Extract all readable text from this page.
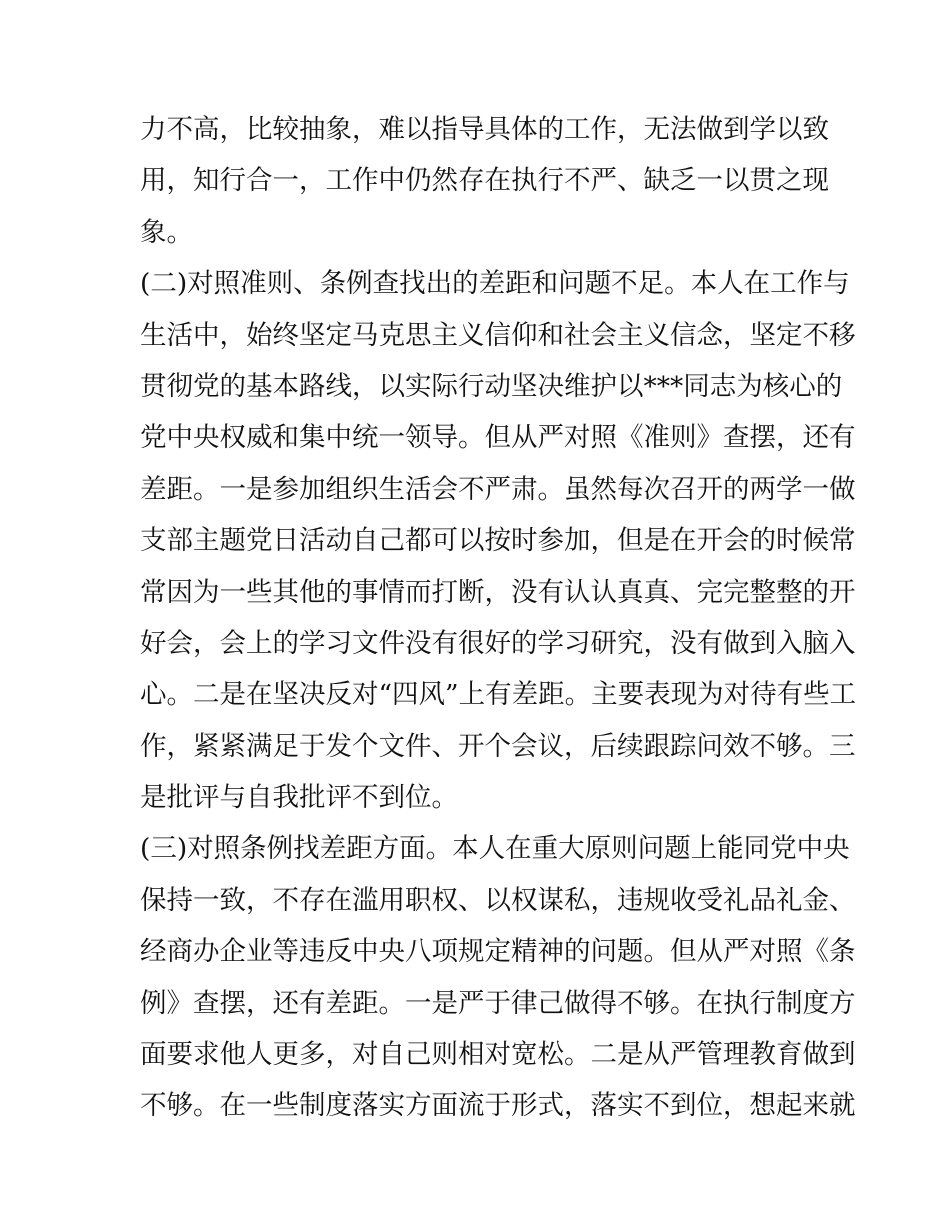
力不高，比较抽象，难以指导具体的工作，无法做到学以致
用，知行合一，工作中仍然存在执行不严、缺乏一以贯之现
象。
(二)对照准则、条例查找出的差距和问题不足。本人在工作与
生活中，始终坚定马克思主义信仰和社会主义信念，坚定不移
贯彻党的基本路线，以实际行动坚决维护以***同志为核心的
党中央权威和集中统一领导。但从严对照《准则》查摆，还有
差距。一是参加组织生活会不严肃。虽然每次召开的两学一做
支部主题党日活动自己都可以按时参加，但是在开会的时候常
常因为一些其他的事情而打断，没有认认真真、完完整整的开
好会，会上的学习文件没有很好的学习研究，没有做到入脑入
心。二是在坚决反对“四风”上有差距。主要表现为对待有些工
作，紧紧满足于发个文件、开个会议，后续跟踪问效不够。三
是批评与自我批评不到位。
(三)对照条例找差距方面。本人在重大原则问题上能同党中央
保持一致，不存在滥用职权、以权谋私，违规收受礼品礼金、
经商办企业等违反中央八项规定精神的问题。但从严对照《条
例》查摆，还有差距。一是严于律己做得不够。在执行制度方
面要求他人更多，对自己则相对宽松。二是从严管理教育做到
不够。在一些制度落实方面流于形式，落实不到位，想起来就
